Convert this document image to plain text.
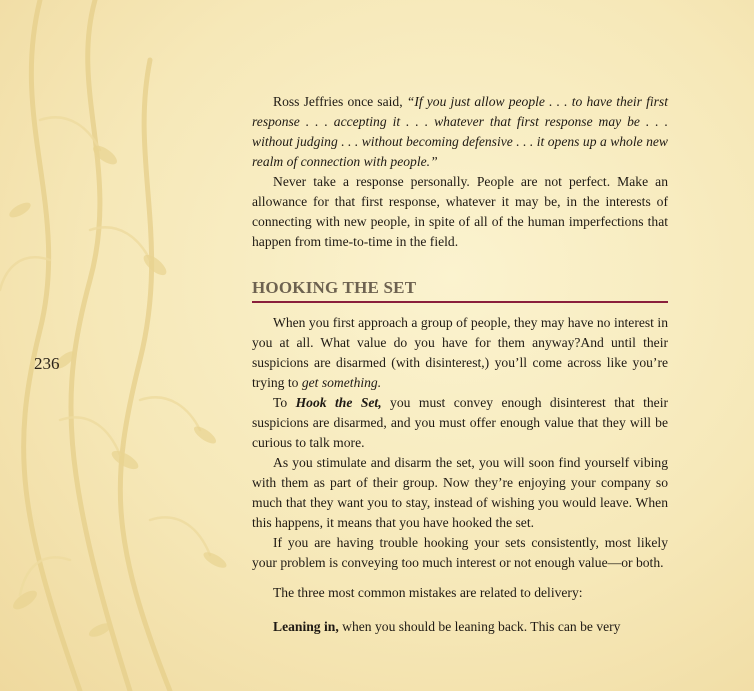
236

Ross Jeffries once said, “If you just allow people . . . to have their first response . . . accepting it . . . whatever that first response may be . . . without judging . . . without becoming defensive . . . it opens up a whole new realm of connection with people.”

Never take a response personally. People are not perfect. Make an allowance for that first response, whatever it may be, in the interests of connecting with new people, in spite of all of the human imperfections that happen from time-to-time in the field.

HOOKING THE SET

When you first approach a group of people, they may have no interest in you at all. What value do you have for them anyway?And until their suspicions are disarmed (with disinterest,) you’ll come across like you’re trying to get something.

To Hook the Set, you must convey enough disinterest that their suspicions are disarmed, and you must offer enough value that they will be curious to talk more.

As you stimulate and disarm the set, you will soon find yourself vibing with them as part of their group. Now they’re enjoying your company so much that they want you to stay, instead of wishing you would leave. When this happens, it means that you have hooked the set.

If you are having trouble hooking your sets consistently, most likely your problem is conveying too much interest or not enough value—or both.

The three most common mistakes are related to delivery:

Leaning in, when you should be leaning back. This can be very
